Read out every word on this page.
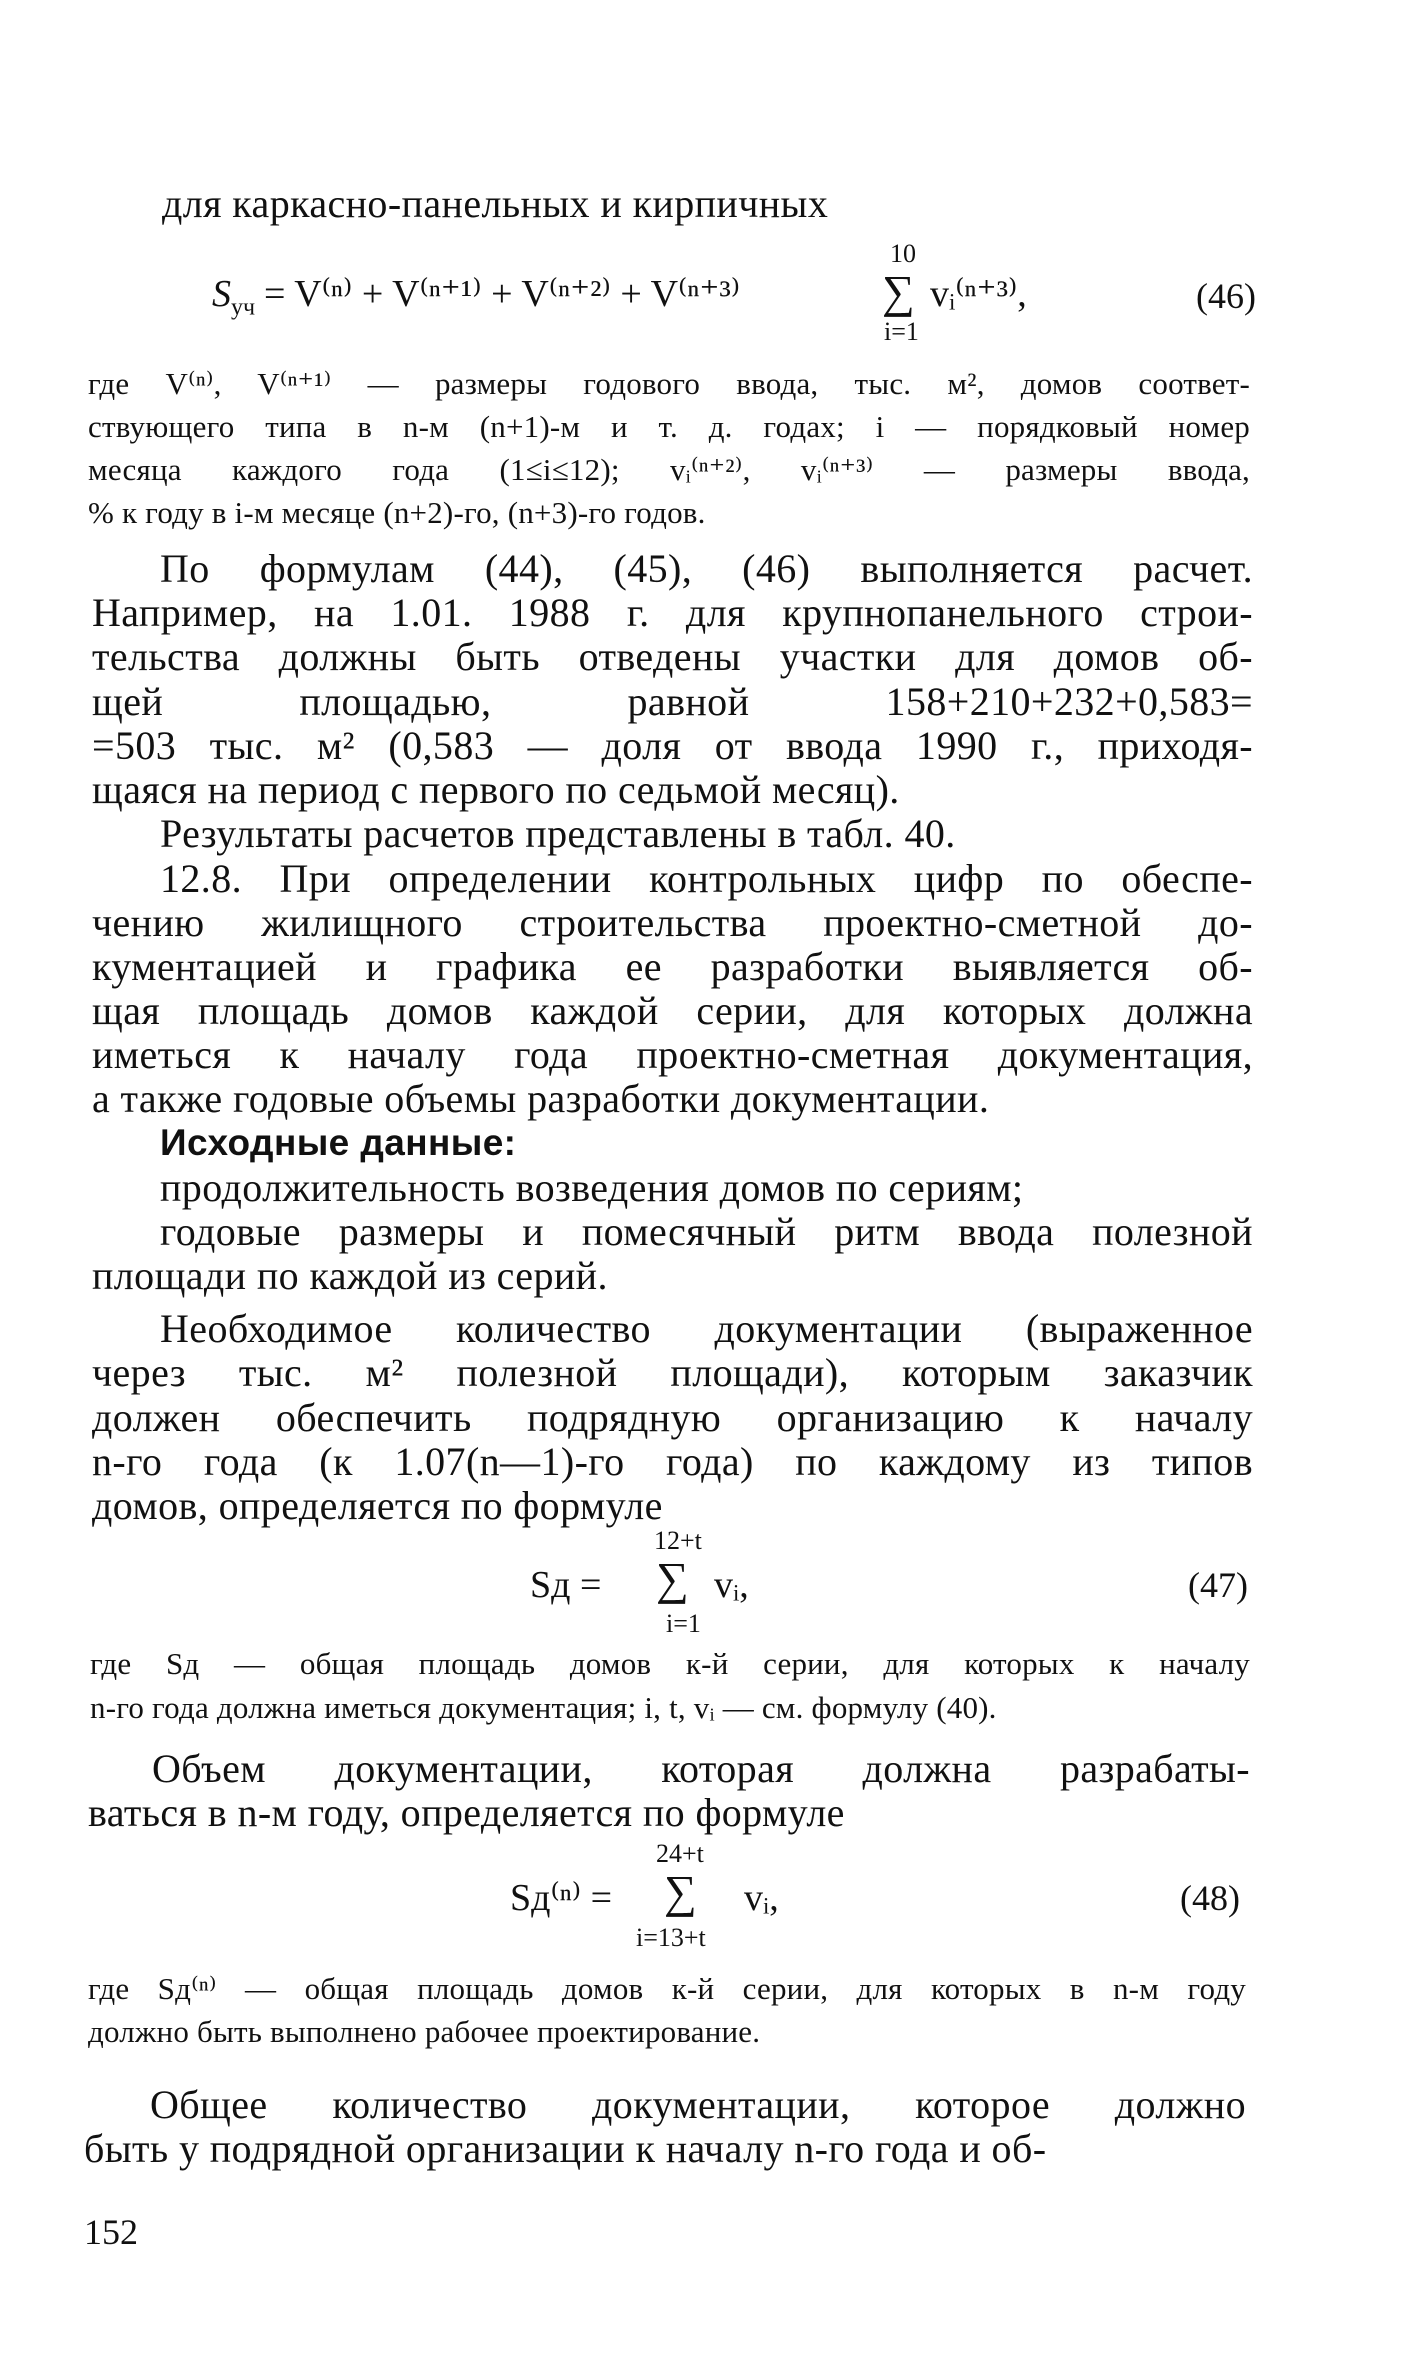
для каркасно-панельных и кирпичных
$S_{уч} = V^{(n)} + V^{(n+1)} + V^{(n+2)} + V^{(n+3)}$
10
∑
i=1
vᵢ⁽ⁿ⁺³⁾,	(46)
где V⁽ⁿ⁾, V⁽ⁿ⁺¹⁾ — размеры годового ввода, тыс. м², домов соответ-
ствующего типа в n-м (n+1)-м и т. д. годах; i — порядковый номер
месяца каждого года (1≤i≤12); vᵢ⁽ⁿ⁺²⁾, vᵢ⁽ⁿ⁺³⁾ — размеры ввода,
% к году в i-м месяце (n+2)-го, (n+3)-го годов.
По формулам (44), (45), (46) выполняется расчет.
Например, на 1.01. 1988 г. для крупнопанельного строи-
тельства должны быть отведены участки для домов об-
щей площадью, равной 158+210+232+0,583=
=503 тыс. м² (0,583 — доля от ввода 1990 г., приходя-
щаяся на период с первого по седьмой месяц).
Результаты расчетов представлены в табл. 40.
12.8. При определении контрольных цифр по обеспе-
чению жилищного строительства проектно-сметной до-
кументацией и графика ее разработки выявляется об-
щая площадь домов каждой серии, для которых должна
иметься к началу года проектно-сметная документация,
а также годовые объемы разработки документации.
Исходные данные:
продолжительность возведения домов по сериям;
годовые размеры и помесячный ритм ввода полезной
площади по каждой из серий.
Необходимое количество документации (выраженное
через тыс. м² полезной площади), которым заказчик
должен обеспечить подрядную организацию к началу
n-го года (к 1.07(n—1)-го года) по каждому из типов
домов, определяется по формуле
12+t
Sд = ∑
i=1
vᵢ,	(47)
где Sд — общая площадь домов к-й серии, для которых к началу
n-го года должна иметься документация; i, t, vᵢ — см. формулу (40).
Объем документации, которая должна разрабаты-
ваться в n-м году, определяется по формуле
24+t
Sд⁽ⁿ⁾ = ∑
i=13+t
vᵢ,	(48)
где Sд⁽ⁿ⁾ — общая площадь домов к-й серии, для которых в n-м году
должно быть выполнено рабочее проектирование.
Общее количество документации, которое должно
быть у подрядной организации к началу n-го года и об-
152
